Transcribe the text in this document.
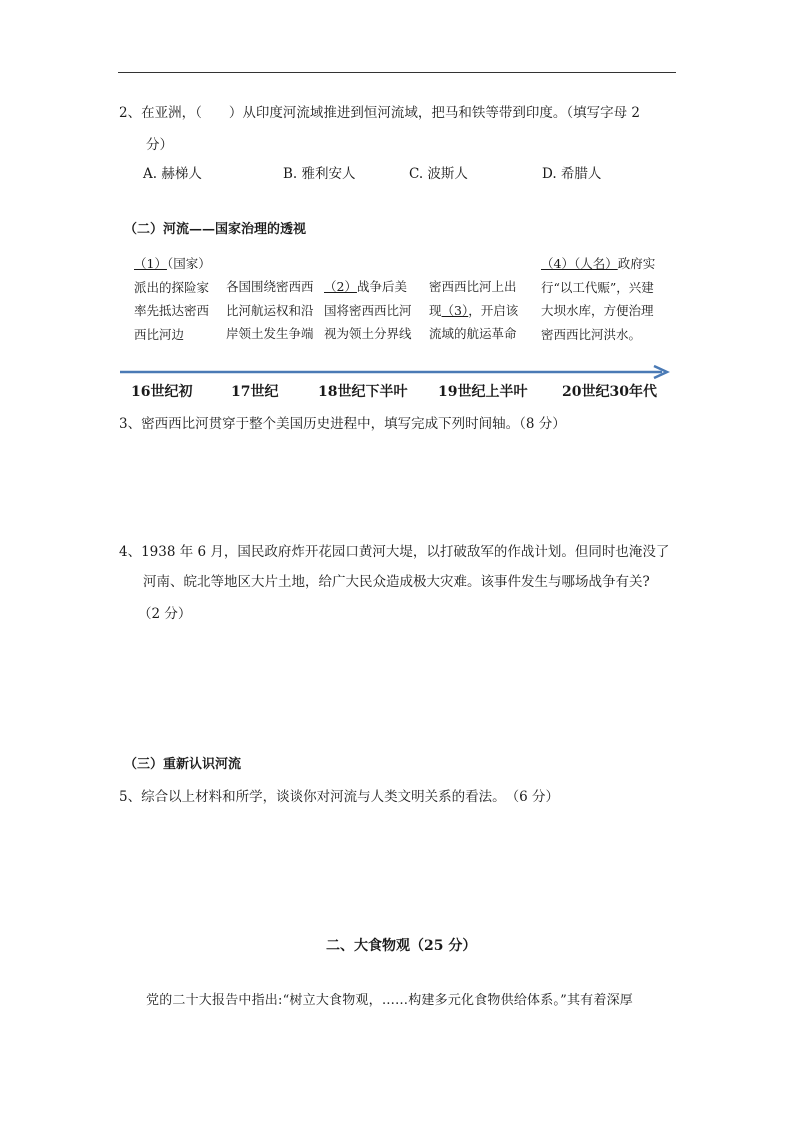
2、在亚洲，（　　）从印度河流域推进到恒河流域，把马和铁等带到印度。（填写字母 2
分）
A. 赫梯人	B. 雅利安人	C. 波斯人	D. 希腊人
（二）河流——国家治理的透视
（1）（国家）派出的探险家率先抵达密西西比河边
各国围绕密西西比河航运权和沿岸领土发生争端
（2）战争后美国将密西西比河视为领土分界线
密西西比河上出现（3），开启该流域的航运革命
（4）（人名）政府实行“以工代赈”，兴建大坝水库，方便治理密西西比河洪水。
16世纪初	17世纪	18世纪下半叶 19世纪上半叶 20世纪30年代
3、密西西比河贯穿于整个美国历史进程中，填写完成下列时间轴。（8 分）
4、1938 年 6 月，国民政府炸开花园口黄河大堤，以打破敌军的作战计划。但同时也淹没了
河南、皖北等地区大片土地，给广大民众造成极大灾难。该事件发生与哪场战争有关?
（2 分）
（三）重新认识河流
5、综合以上材料和所学，谈谈你对河流与人类文明关系的看法。　（6 分）
二、大食物观（25 分）
党的二十大报告中指出:“树立大食物观，……构建多元化食物供给体系。”其有着深厚
